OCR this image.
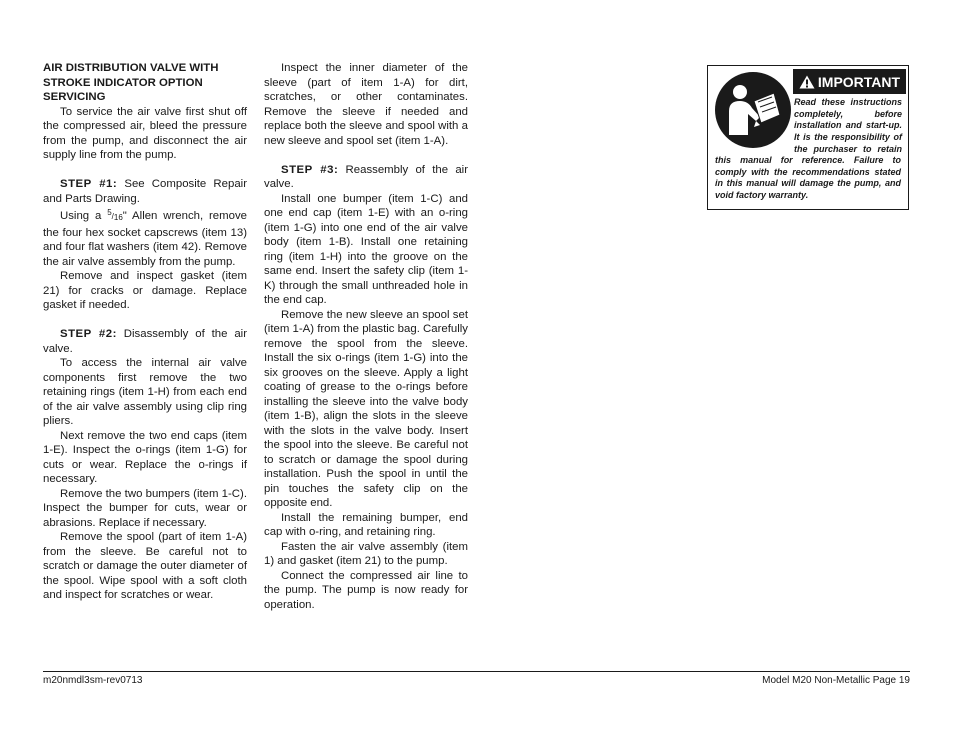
AIR DISTRIBUTION VALVE WITH STROKE INDICATOR OPTION SERVICING

To service the air valve first shut off the compressed air, bleed the pressure from the pump, and disconnect the air supply line from the pump.

STEP #1: See Composite Repair and Parts Drawing.

Using a $^5$/16" Allen wrench, remove the four hex socket capscrews (item 13) and four flat washers (item 42). Remove the air valve assembly from the pump.

Remove and inspect gasket (item 21) for cracks or damage. Replace gasket if needed.

STEP #2: Disassembly of the air valve.

To access the internal air valve components first remove the two retaining rings (item 1-H) from each end of the air valve assembly using clip ring pliers.

Next remove the two end caps (item 1-E). Inspect the o-rings (item 1-G) for cuts or wear. Replace the o-rings if necessary.

Remove the two bumpers (item 1-C). Inspect the bumper for cuts, wear or abrasions. Replace if necessary.

Remove the spool (part of item 1-A) from the sleeve. Be careful not to scratch or damage the outer diameter of the spool. Wipe spool with a soft cloth and inspect for scratches or wear.

Inspect the inner diameter of the sleeve (part of item 1-A) for dirt, scratches, or other contaminates. Remove the sleeve if needed and replace both the sleeve and spool with a new sleeve and spool set (item 1-A).

STEP #3: Reassembly of the air valve.

Install one bumper (item 1-C) and one end cap (item 1-E) with an o-ring (item 1-G) into one end of the air valve body (item 1-B). Install one retaining ring (item 1-H) into the groove on the same end. Insert the safety clip (item 1-K) through the small unthreaded hole in the end cap.

Remove the new sleeve an spool set (item 1-A) from the plastic bag. Carefully remove the spool from the sleeve. Install the six o-rings (item 1-G) into the six grooves on the sleeve. Apply a light coating of grease to the o-rings before installing the sleeve into the valve body (item 1-B), align the slots in the sleeve with the slots in the valve body. Insert the spool into the sleeve. Be careful not to scratch or damage the spool during installation. Push the spool in until the pin touches the safety clip on the opposite end.

Install the remaining bumper, end cap with o-ring, and retaining ring.

Fasten the air valve assembly (item 1) and gasket (item 21) to the pump.

Connect the compressed air line to the pump. The pump is now ready for operation.

IMPORTANT
Read these instructions
completely, before
installation and start-up.
It is the responsibility of
the purchaser to retain
this manual for reference. Failure to
comply with the recommendations stated
in this manual will damage the pump, and
void factory warranty.
m20nmdl3sm-rev0713	Model M20 Non-Metallic Page 19
